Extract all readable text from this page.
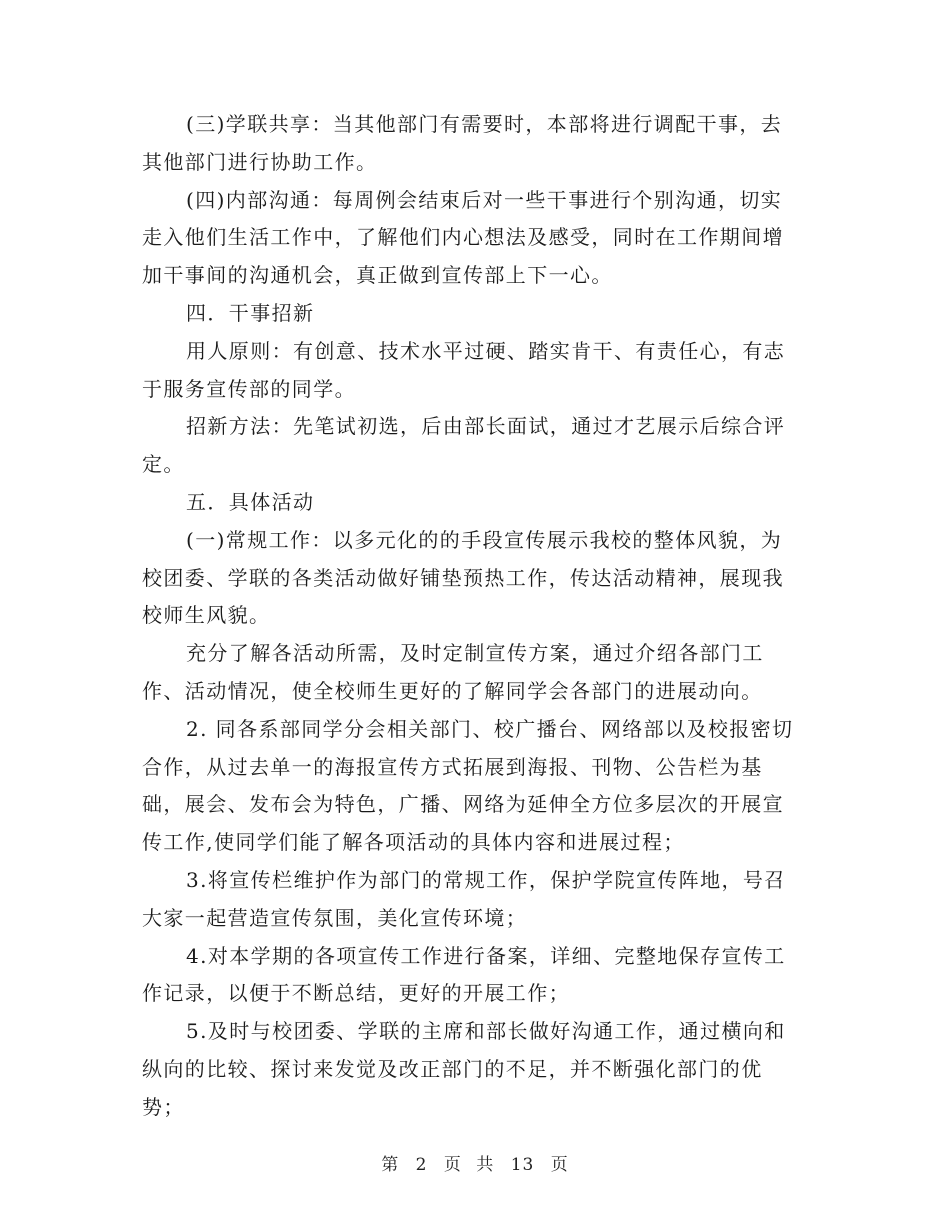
(三)学联共享：当其他部门有需要时，本部将进行调配干事，去其他部门进行协助工作。

(四)内部沟通：每周例会结束后对一些干事进行个别沟通，切实走入他们生活工作中，了解他们内心想法及感受，同时在工作期间增加干事间的沟通机会，真正做到宣传部上下一心。

四．干事招新

用人原则：有创意、技术水平过硬、踏实肯干、有责任心，有志于服务宣传部的同学。

招新方法：先笔试初选，后由部长面试，通过才艺展示后综合评定。

五．具体活动

(一)常规工作：以多元化的的手段宣传展示我校的整体风貌，为校团委、学联的各类活动做好铺垫预热工作，传达活动精神，展现我校师生风貌。

充分了解各活动所需，及时定制宣传方案，通过介绍各部门工作、活动情况，使全校师生更好的了解同学会各部门的进展动向。

2. 同各系部同学分会相关部门、校广播台、网络部以及校报密切合作，从过去单一的海报宣传方式拓展到海报、刊物、公告栏为基础，展会、发布会为特色，广播、网络为延伸全方位多层次的开展宣传工作,使同学们能了解各项活动的具体内容和进展过程；

3.将宣传栏维护作为部门的常规工作，保护学院宣传阵地，号召大家一起营造宣传氛围，美化宣传环境；

4.对本学期的各项宣传工作进行备案，详细、完整地保存宣传工作记录，以便于不断总结，更好的开展工作；

5.及时与校团委、学联的主席和部长做好沟通工作，通过横向和纵向的比较、探讨来发觉及改正部门的不足，并不断强化部门的优势；

第 2 页 共 13 页
